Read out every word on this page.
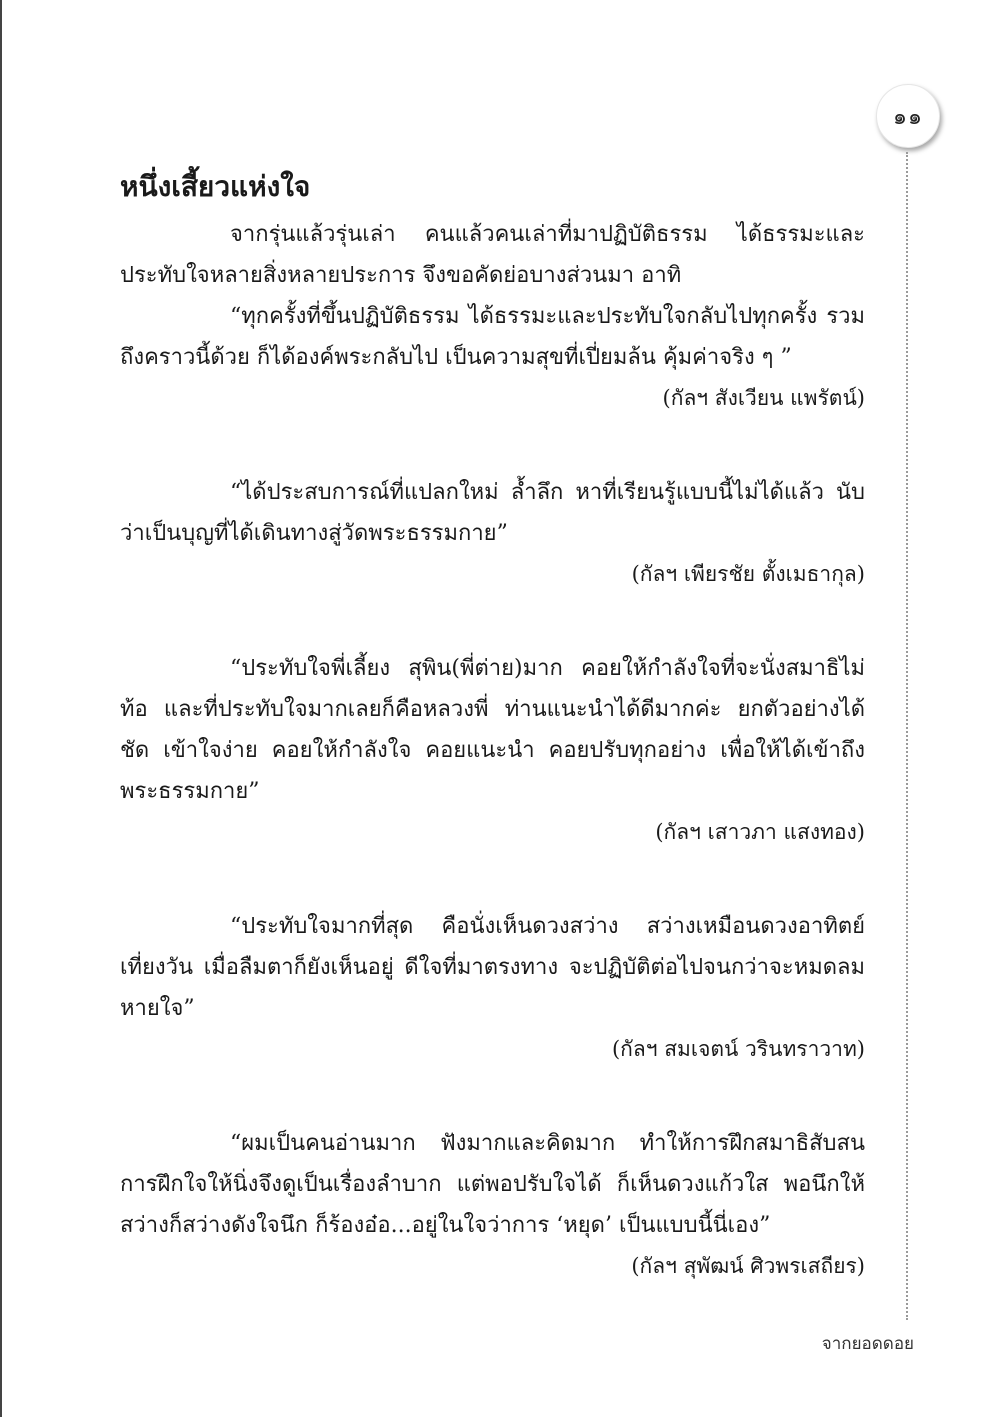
๑๑
หนึ่งเสี้ยวแห่งใจ

จากรุ่นแล้วรุ่นเล่า คนแล้วคนเล่าที่มาปฏิบัติธรรม ได้ธรรมะและประทับใจหลายสิ่งหลายประการ จึงขอคัดย่อบางส่วนมา อาทิ

“ทุกครั้งที่ขึ้นปฏิบัติธรรม ได้ธรรมะและประทับใจกลับไปทุกครั้ง รวมถึงคราวนี้ด้วย ก็ได้องค์พระกลับไป เป็นความสุขที่เปี่ยมล้น คุ้มค่าจริง ๆ ”

(กัลฯ สังเวียน แพรัตน์)

“ได้ประสบการณ์ที่แปลกใหม่ ล้ำลึก หาที่เรียนรู้แบบนี้ไม่ได้แล้ว นับว่าเป็นบุญที่ได้เดินทางสู่วัดพระธรรมกาย”

(กัลฯ เพียรชัย ตั้งเมธากุล)

“ประทับใจพี่เลี้ยง สุพิน(พี่ต่าย)มาก คอยให้กำลังใจที่จะนั่งสมาธิไม่ท้อ และที่ประทับใจมากเลยก็คือหลวงพี่ ท่านแนะนำได้ดีมากค่ะ ยกตัวอย่างได้ชัด เข้าใจง่าย คอยให้กำลังใจ คอยแนะนำ คอยปรับทุกอย่าง เพื่อให้ได้เข้าถึงพระธรรมกาย”

(กัลฯ เสาวภา แสงทอง)

“ประทับใจมากที่สุด คือนั่งเห็นดวงสว่าง สว่างเหมือนดวงอาทิตย์เที่ยงวัน เมื่อลืมตาก็ยังเห็นอยู่ ดีใจที่มาตรงทาง จะปฏิบัติต่อไปจนกว่าจะหมดลมหายใจ”

(กัลฯ สมเจตน์ วรินทราวาท)

“ผมเป็นคนอ่านมาก ฟังมากและคิดมาก ทำให้การฝึกสมาธิสับสน การฝึกใจให้นิ่งจึงดูเป็นเรื่องลำบาก แต่พอปรับใจได้ ก็เห็นดวงแก้วใส พอนึกให้สว่างก็สว่างดังใจนึก ก็ร้องอ๋อ...อยู่ในใจว่าการ ‘หยุด’ เป็นแบบนี้นี่เอง”

(กัลฯ สุพัฒน์ ศิวพรเสถียร)

จากยอดดอย
